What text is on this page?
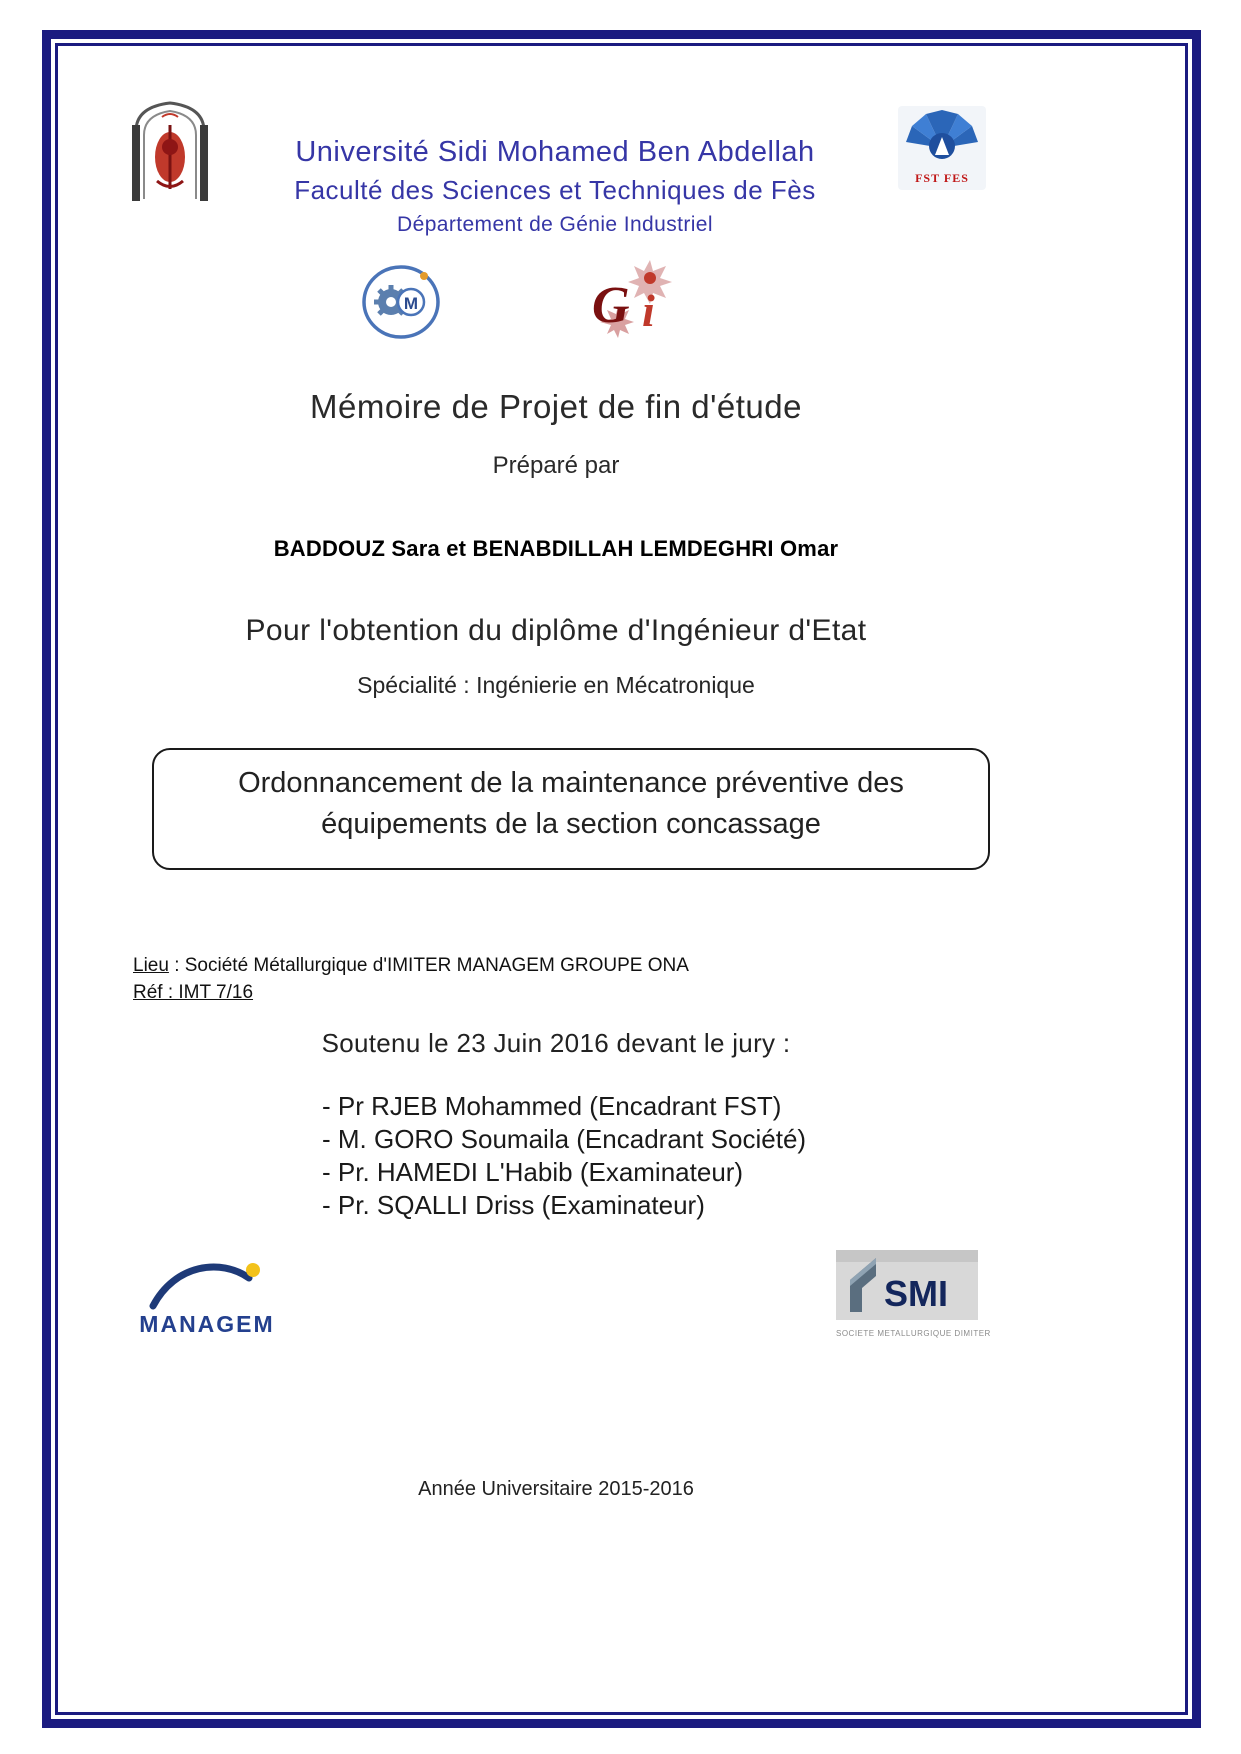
Université Sidi Mohamed Ben Abdellah
Faculté des Sciences et Techniques de Fès
Département de Génie Industriel
FST FES
M	G i
Mémoire de Projet de fin d'étude
Préparé par
BADDOUZ Sara et BENABDILLAH LEMDEGHRI Omar
Pour l'obtention du diplôme d'Ingénieur d'Etat
Spécialité : Ingénierie en Mécatronique
Ordonnancement de la maintenance préventive des équipements de la section concassage
Lieu : Société Métallurgique d'IMITER MANAGEM GROUPE ONA
Réf : IMT 7/16
Soutenu le 23 Juin 2016 devant le jury :
- Pr RJEB Mohammed (Encadrant FST)
- M. GORO Soumaila (Encadrant Société)
- Pr. HAMEDI L'Habib (Examinateur)
- Pr. SQALLI Driss (Examinateur)
MANAGEM
SMI
SOCIETE METALLURGIQUE DIMITER
Année Universitaire 2015-2016
